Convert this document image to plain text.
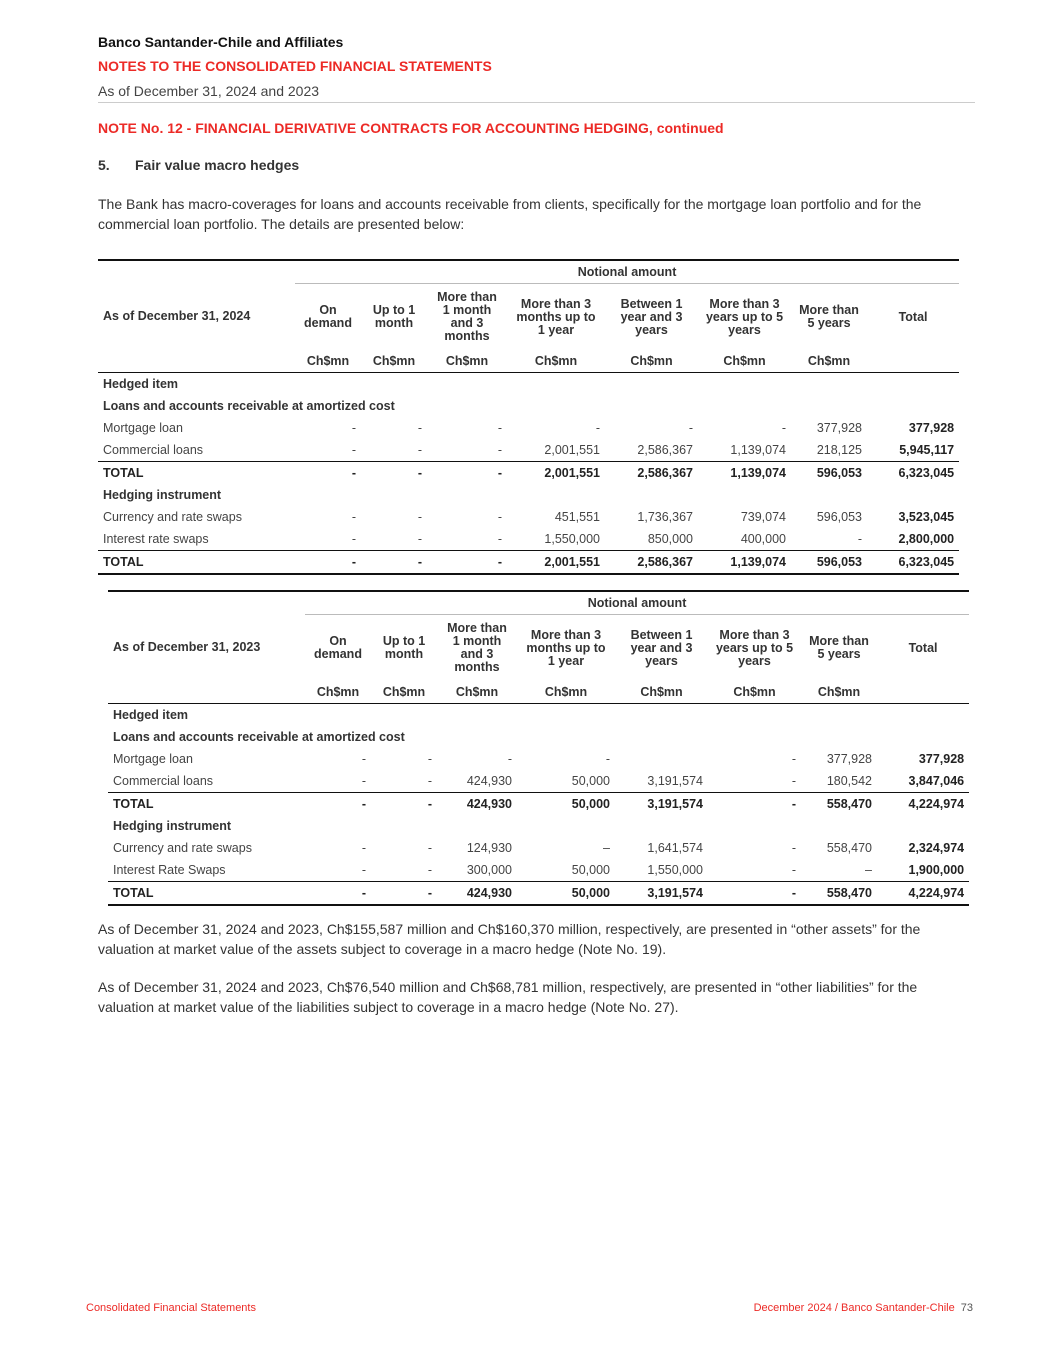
Banco Santander-Chile and Affiliates
NOTES TO THE CONSOLIDATED FINANCIAL STATEMENTS
As of December 31, 2024 and 2023
NOTE No. 12 - FINANCIAL DERIVATIVE CONTRACTS FOR ACCOUNTING HEDGING, continued
5. Fair value macro hedges

The Bank has macro-coverages for loans and accounts receivable from clients, specifically for the mortgage loan portfolio and for the commercial loan portfolio. The details are presented below:

	Notional amount							
As of December 31, 2024	On demand	Up to 1 month	More than 1 month and 3 months	More than 3 months up to 1 year	Between 1 year and 3 years	More than 3 years up to 5 years	More than 5 years	Total
	Ch$mn	Ch$mn	Ch$mn	Ch$mn	Ch$mn	Ch$mn	Ch$mn	
Hedged item								
Loans and accounts receivable at amortized cost								
Mortgage loan	-	-	-	-	-	-	377,928	377,928
Commercial loans	-	-	-	2,001,551	2,586,367	1,139,074	218,125	5,945,117
TOTAL	-	-	-	2,001,551	2,586,367	1,139,074	596,053	6,323,045
Hedging instrument								
Currency and rate swaps	-	-	-	451,551	1,736,367	739,074	596,053	3,523,045
Interest rate swaps	-	-	-	1,550,000	850,000	400,000	-	2,800,000
TOTAL	-	-	-	2,001,551	2,586,367	1,139,074	596,053	6,323,045
	Notional amount							
As of December 31, 2023	On demand	Up to 1 month	More than 1 month and 3 months	More than 3 months up to 1 year	Between 1 year and 3 years	More than 3 years up to 5 years	More than 5 years	Total
	Ch$mn	Ch$mn	Ch$mn	Ch$mn	Ch$mn	Ch$mn	Ch$mn	
Hedged item								
Loans and accounts receivable at amortized cost								
Mortgage loan	-	-	-	-		-	377,928	377,928
Commercial loans	-	-	424,930	50,000	3,191,574	-	180,542	3,847,046
TOTAL	-	-	424,930	50,000	3,191,574	-	558,470	4,224,974
Hedging instrument								
Currency and rate swaps	-	-	124,930	–	1,641,574	-	558,470	2,324,974
Interest Rate Swaps	-	-	300,000	50,000	1,550,000	-	–	1,900,000
TOTAL	-	-	424,930	50,000	3,191,574	-	558,470	4,224,974

As of December 31, 2024 and 2023, Ch$155,587 million and Ch$160,370 million, respectively, are presented in “other assets” for the valuation at market value of the assets subject to coverage in a macro hedge (Note No. 19).

As of December 31, 2024 and 2023, Ch$76,540 million and Ch$68,781 million, respectively, are presented in “other liabilities” for the valuation at market value of the liabilities subject to coverage in a macro hedge (Note No. 27).

Consolidated Financial Statements	December 2024 / Banco Santander-Chile 73
